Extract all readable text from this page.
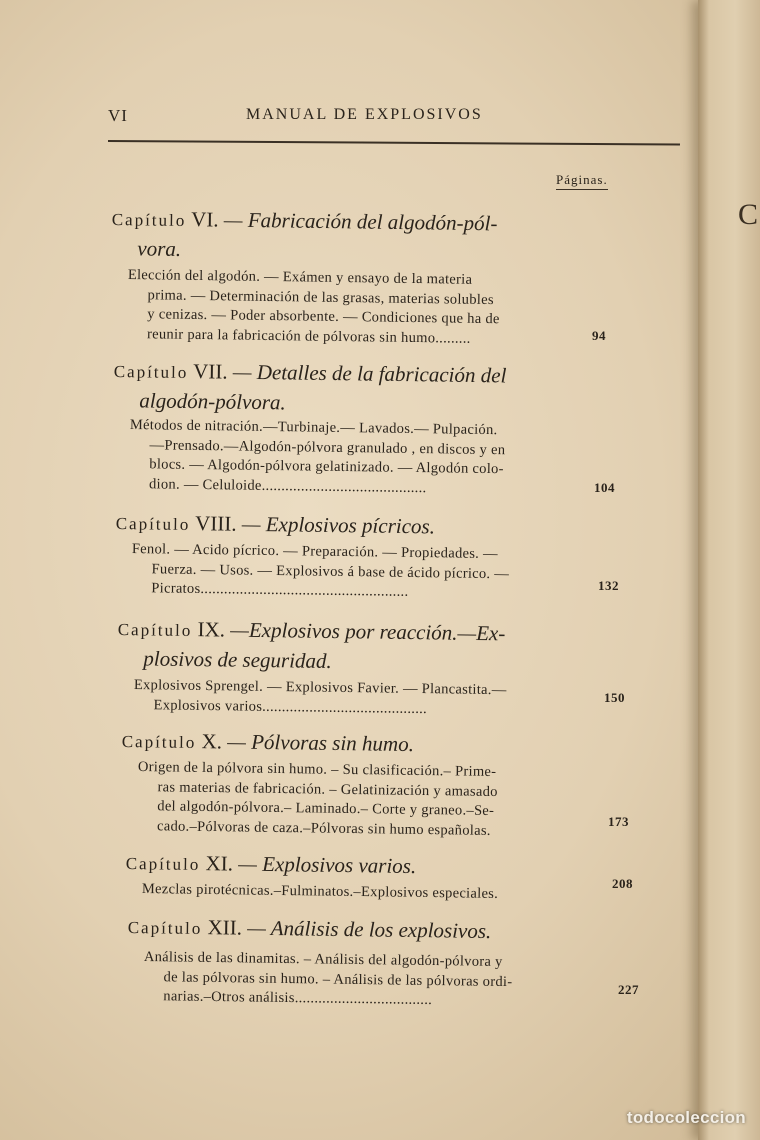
C
VI	MANUAL DE EXPLOSIVOS
Páginas.
Capítulo VI. — Fabricación del algodón-pól-
vora.
Elección del algodón. — Exámen y ensayo de la materia
prima. — Determinación de las grasas, materias solubles
y cenizas. — Poder absorbente. — Condiciones que ha de
reunir para la fabricación de pólvoras sin humo.........	94
Capítulo VII. — Detalles de la fabricación del
algodón-pólvora.
Métodos de nitración.—Turbinaje.— Lavados.— Pulpación.
—Prensado.—Algodón-pólvora granulado , en discos y en
blocs. — Algodón-pólvora gelatinizado. — Algodón colo-
dion. — Celuloide..........................................	104
Capítulo VIII. — Explosivos pícricos.
Fenol. — Acido pícrico. — Preparación. — Propiedades. —
Fuerza. — Usos. — Explosivos á base de ácido pícrico. —
Picratos.....................................................	132
Capítulo IX. —Explosivos por reacción.—Ex-
plosivos de seguridad.
Explosivos Sprengel. — Explosivos Favier. — Plancastita.—
Explosivos varios..........................................	150
Capítulo X. — Pólvoras sin humo.
Origen de la pólvora sin humo. – Su clasificación.– Prime-
ras materias de fabricación. – Gelatinización y amasado
del algodón-pólvora.– Laminado.– Corte y graneo.–Se-
cado.–Pólvoras de caza.–Pólvoras sin humo españolas.	173
Capítulo XI. — Explosivos varios.
Mezclas pirotécnicas.–Fulminatos.–Explosivos especiales.	208
Capítulo XII. — Análisis de los explosivos.
Análisis de las dinamitas. – Análisis del algodón-pólvora y
de las pólvoras sin humo. – Análisis de las pólvoras ordi-
narias.–Otros análisis...................................	227
todocoleccion
